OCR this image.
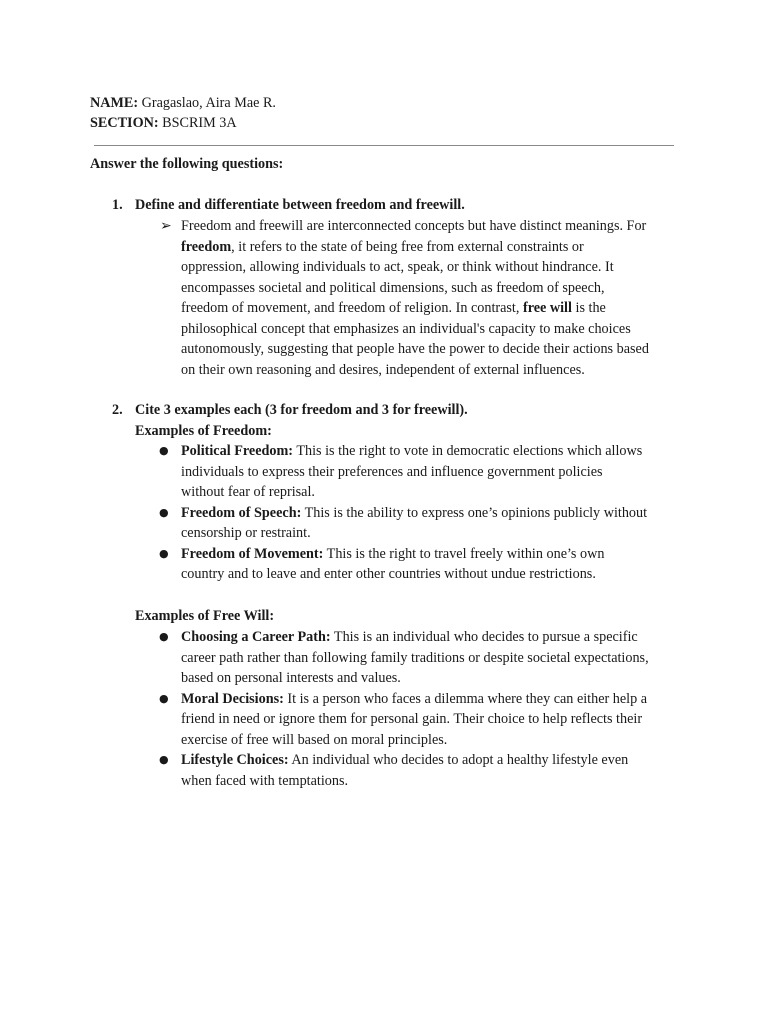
NAME: Gragaslao, Aira Mae R.
SECTION: BSCRIM 3A
Answer the following questions:
1. Define and differentiate between freedom and freewill.
➢ Freedom and freewill are interconnected concepts but have distinct meanings. For
freedom, it refers to the state of being free from external constraints or
oppression, allowing individuals to act, speak, or think without hindrance. It
encompasses societal and political dimensions, such as freedom of speech,
freedom of movement, and freedom of religion. In contrast, free will is the
philosophical concept that emphasizes an individual's capacity to make choices
autonomously, suggesting that people have the power to decide their actions based
on their own reasoning and desires, independent of external influences.
2. Cite 3 examples each (3 for freedom and 3 for freewill).
Examples of Freedom:
● Political Freedom: This is the right to vote in democratic elections which allows
individuals to express their preferences and influence government policies
without fear of reprisal.
● Freedom of Speech: This is the ability to express one’s opinions publicly without
censorship or restraint.
● Freedom of Movement: This is the right to travel freely within one’s own
country and to leave and enter other countries without undue restrictions.
Examples of Free Will:
● Choosing a Career Path: This is an individual who decides to pursue a specific
career path rather than following family traditions or despite societal expectations,
based on personal interests and values.
● Moral Decisions: It is a person who faces a dilemma where they can either help a
friend in need or ignore them for personal gain. Their choice to help reflects their
exercise of free will based on moral principles.
● Lifestyle Choices: An individual who decides to adopt a healthy lifestyle even
when faced with temptations.
